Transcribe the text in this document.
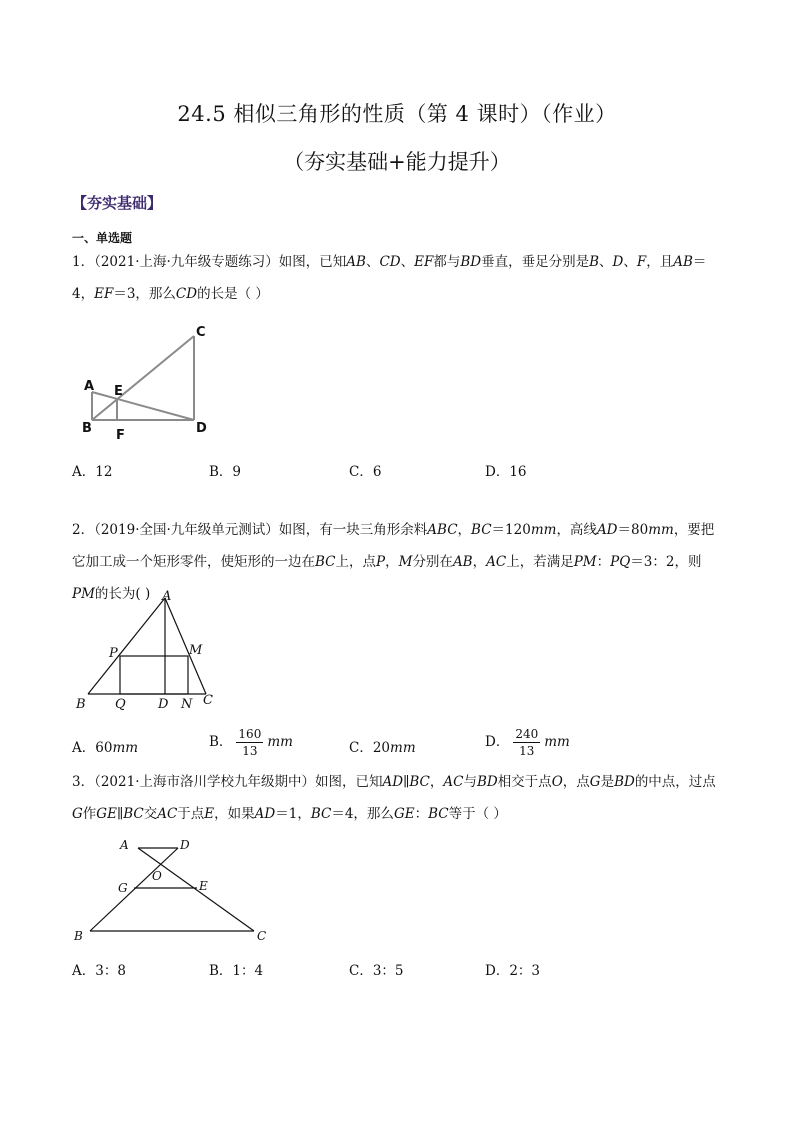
24.5 相似三角形的性质（第 4 课时）（作业）
（夯实基础+能力提升）
【夯实基础】
一、单选题
1．（2021·上海·九年级专题练习）如图，已知AB、CD、EF都与BD垂直，垂足分别是B、D、F，且AB＝4，EF＝3，那么CD的长是（ ）
C
A E
B F	D
A．12	B．9	C．6	D．16
2．（2019·全国·九年级单元测试）如图，有一块三角形余料ABC，BC＝120mm，高线AD＝80mm，要把它加工成一个矩形零件，使矩形的一边在BC上，点P，M分别在AB，AC上，若满足PM：PQ＝3：2，则PM的长为( ) A
P	M
B Q D N C
A．60mm	B． $\frac{160}{13}$ mm	C．20mm	D． $\frac{240}{13}$ mm
3．（2021·上海市洛川学校九年级期中）如图，已知AD∥BC，AC与BD相交于点O，点G是BD的中点，过点G作GE∥BC交AC于点E，如果AD＝1，BC＝4，那么GE：BC等于（ ）
A	D
O
G	E
B	C
A．3：8	B．1：4	C．3：5	D．2：3
